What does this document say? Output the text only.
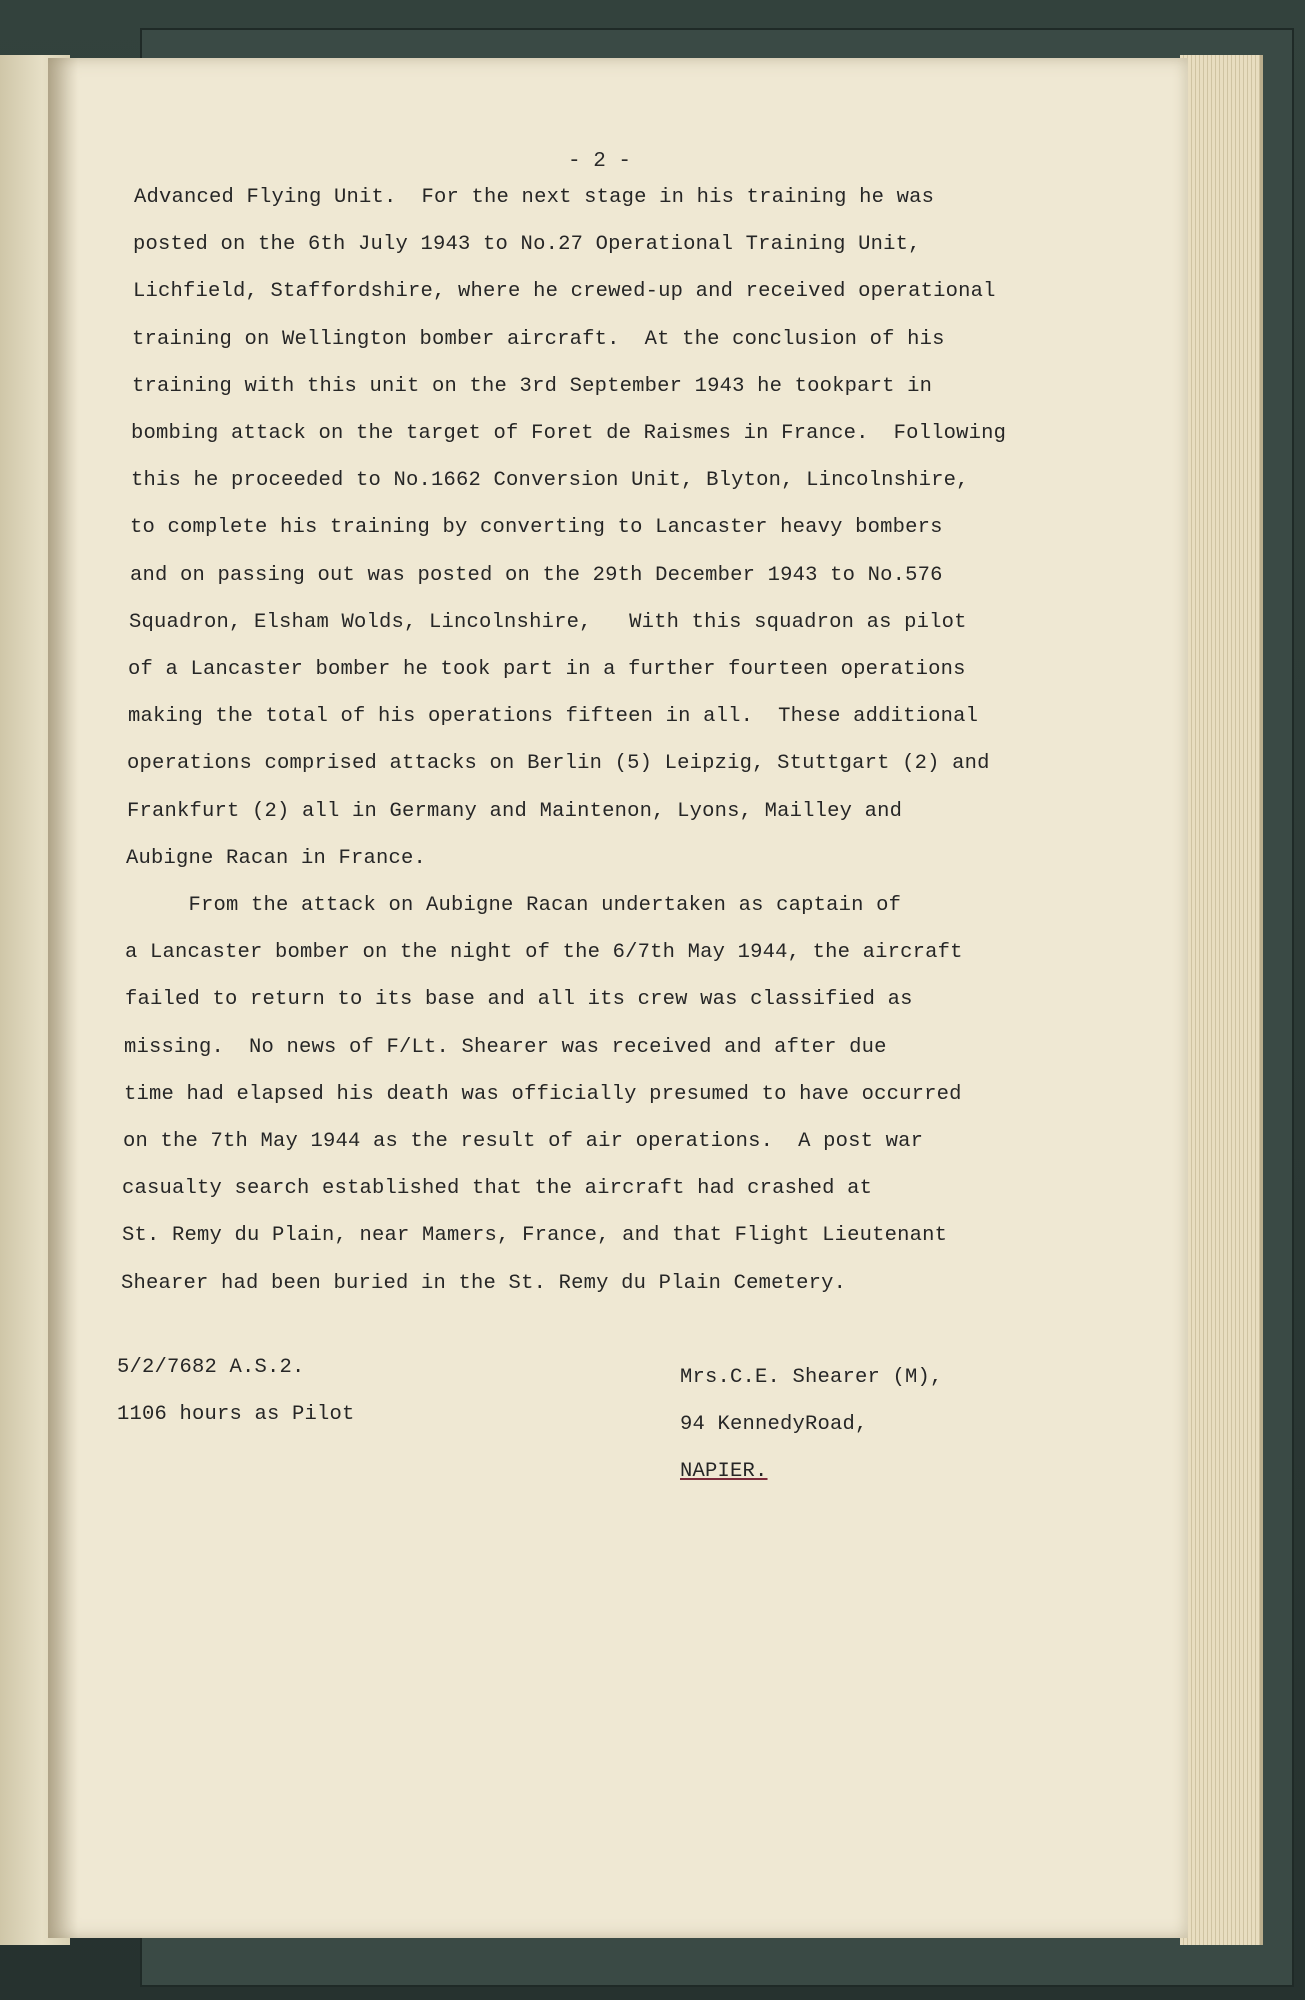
- 2 -
Advanced Flying Unit.  For the next stage in his training he was
posted on the 6th July 1943 to No.27 Operational Training Unit,
Lichfield, Staffordshire, where he crewed-up and received operational
training on Wellington bomber aircraft.  At the conclusion of his
training with this unit on the 3rd September 1943 he tookpart in
bombing attack on the target of Foret de Raismes in France.  Following
this he proceeded to No.1662 Conversion Unit, Blyton, Lincolnshire,
to complete his training by converting to Lancaster heavy bombers
and on passing out was posted on the 29th December 1943 to No.576
Squadron, Elsham Wolds, Lincolnshire,   With this squadron as pilot
of a Lancaster bomber he took part in a further fourteen operations
making the total of his operations fifteen in all.  These additional
operations comprised attacks on Berlin (5) Leipzig, Stuttgart (2) and
Frankfurt (2) all in Germany and Maintenon, Lyons, Mailley and
Aubigne Racan in France.
From the attack on Aubigne Racan undertaken as captain of
a Lancaster bomber on the night of the 6/7th May 1944, the aircraft
failed to return to its base and all its crew was classified as
missing.  No news of F/Lt. Shearer was received and after due
time had elapsed his death was officially presumed to have occurred
on the 7th May 1944 as the result of air operations.  A post war
casualty search established that the aircraft had crashed at
St. Remy du Plain, near Mamers, France, and that Flight Lieutenant
Shearer had been buried in the St. Remy du Plain Cemetery.
5/2/7682 A.S.2.
1106 hours as Pilot
Mrs.C.E. Shearer (M),
94 KennedyRoad,
NAPIER.
